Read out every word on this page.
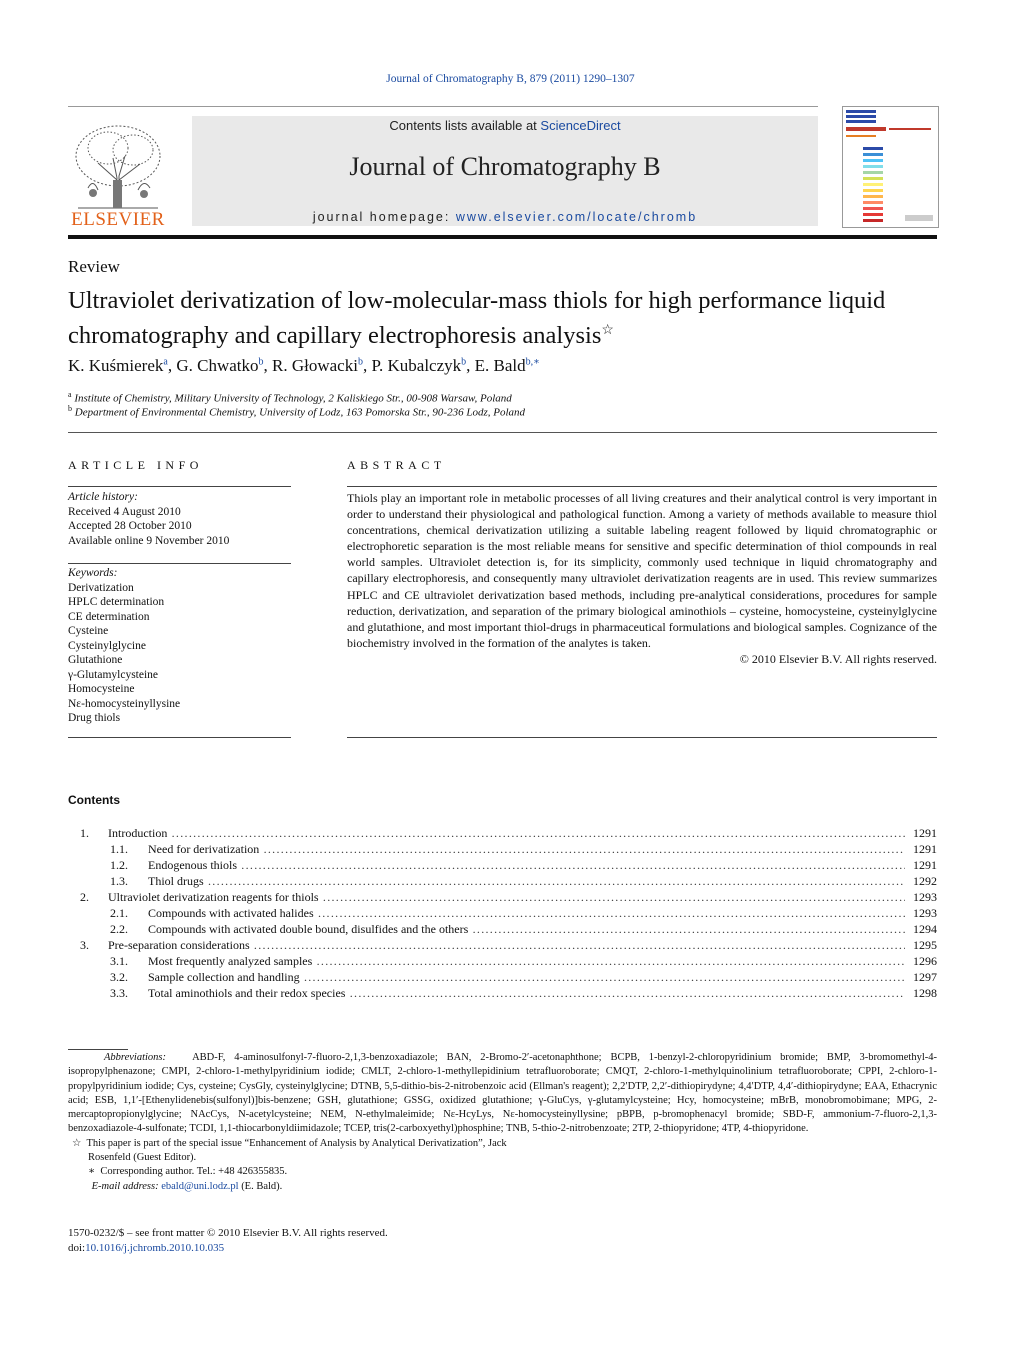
Journal of Chromatography B, 879 (2011) 1290–1307
ELSEVIER
Contents lists available at ScienceDirect
Journal of Chromatography B
journal homepage: www.elsevier.com/locate/chromb
Review
Ultraviolet derivatization of low-molecular-mass thiols for high performance liquid chromatography and capillary electrophoresis analysis☆
K. Kuśmierek$^a$, G. Chwatko$^b$, R. Głowacki$^b$, P. Kubalczyk$^b$, E. Bald$^{b,∗}$
$^a$ Institute of Chemistry, Military University of Technology, 2 Kaliskiego Str., 00-908 Warsaw, Poland
$^b$ Department of Environmental Chemistry, University of Lodz, 163 Pomorska Str., 90-236 Lodz, Poland
ARTICLE INFO
Article history:
Received 4 August 2010
Accepted 28 October 2010
Available online 9 November 2010
Keywords:
Derivatization
HPLC determination
CE determination
Cysteine
Cysteinylglycine
Glutathione
γ-Glutamylcysteine
Homocysteine
Nε-homocysteinyllysine
Drug thiols
ABSTRACT
Thiols play an important role in metabolic processes of all living creatures and their analytical control is very important in order to understand their physiological and pathological function. Among a variety of methods available to measure thiol concentrations, chemical derivatization utilizing a suitable labeling reagent followed by liquid chromatographic or electrophoretic separation is the most reliable means for sensitive and specific determination of thiol compounds in real world samples. Ultraviolet detection is, for its simplicity, commonly used technique in liquid chromatography and capillary electrophoresis, and consequently many ultraviolet derivatization reagents are in used. This review summarizes HPLC and CE ultraviolet derivatization based methods, including pre-analytical considerations, procedures for sample reduction, derivatization, and separation of the primary biological aminothiols – cysteine, homocysteine, cysteinylglycine and glutathione, and most important thiol-drugs in pharmaceutical formulations and biological samples. Cognizance of the biochemistry involved in the formation of the analytes is taken.
© 2010 Elsevier B.V. All rights reserved.
Contents
1. Introduction .....	1291
1.1. Need for derivatization .....	1291
1.2. Endogenous thiols .....	1291
1.3. Thiol drugs .....	1292
2. Ultraviolet derivatization reagents for thiols .....	1293
2.1. Compounds with activated halides .....	1293
2.2. Compounds with activated double bound, disulfides and the others .....	1294
3. Pre-separation considerations .....	1295
3.1. Most frequently analyzed samples .....	1296
3.2. Sample collection and handling .....	1297
3.3. Total aminothiols and their redox species .....	1298
Abbreviations: ABD-F, 4-aminosulfonyl-7-fluoro-2,1,3-benzoxadiazole; BAN, 2-Bromo-2′-acetonaphthone; BCPB, 1-benzyl-2-chloropyridinium bromide; BMP, 3-bromomethyl-4-isopropylphenazone; CMPI, 2-chloro-1-methylpyridinium iodide; CMLT, 2-chloro-1-methyllepidinium tetrafluoroborate; CMQT, 2-chloro-1-methylquinolinium tetrafluoroborate; CPPI, 2-chloro-1-propylpyridinium iodide; Cys, cysteine; CysGly, cysteinylglycine; DTNB, 5,5-dithio-bis-2-nitrobenzoic acid (Ellman's reagent); 2,2′DTP, 2,2′-dithiopirydyne; 4,4′DTP, 4,4′-dithiopirydyne; EAA, Ethacrynic acid; ESB, 1,1′-[Ethenylidenebis(sulfonyl)]bis-benzene; GSH, glutathione; GSSG, oxidized glutathione; γ-GluCys, γ-glutamylcysteine; Hcy, homocysteine; mBrB, monobromobimane; MPG, 2-mercaptopropionylglycine; NAcCys, N-acetylcysteine; NEM, N-ethylmaleimide; Nε-HcyLys, Nε-homocysteinyllysine; pBPB, p-bromophenacyl bromide; SBD-F, ammonium-7-fluoro-2,1,3-benzoxadiazole-4-sulfonate; TCDI, 1,1-thiocarbonyldiimidazole; TCEP, tris(2-carboxyethyl)phosphine; TNB, 5-thio-2-nitrobenzoate; 2TP, 2-thiopyridone; 4TP, 4-thiopyridone.
☆ This paper is part of the special issue “Enhancement of Analysis by Analytical Derivatization”, Jack Rosenfeld (Guest Editor).
∗ Corresponding author. Tel.: +48 426355835.
E-mail address: ebald@uni.lodz.pl (E. Bald).
1570-0232/$ – see front matter © 2010 Elsevier B.V. All rights reserved.
doi:10.1016/j.jchromb.2010.10.035
